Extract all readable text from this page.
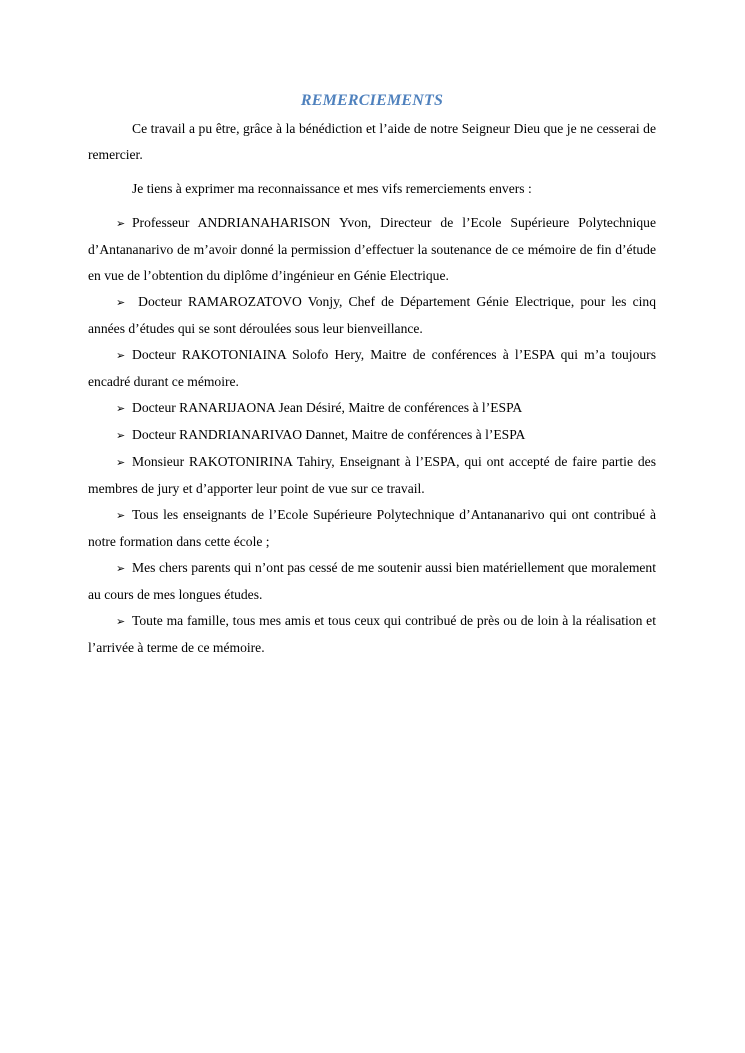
REMERCIEMENTS

Ce travail a pu être, grâce à la bénédiction et l’aide de notre Seigneur Dieu que je ne cesserai de remercier.

Je tiens à exprimer ma reconnaissance et mes vifs remerciements envers :

➢ Professeur ANDRIANAHARISON Yvon, Directeur de l’Ecole Supérieure Polytechnique d’Antananarivo de m’avoir donné la permission d’effectuer la soutenance de ce mémoire de fin d’étude en vue de l’obtention du diplôme d’ingénieur en Génie Electrique.
➢ Docteur RAMAROZATOVO Vonjy, Chef de Département Génie Electrique, pour les cinq années d’études qui se sont déroulées sous leur bienveillance.
➢ Docteur RAKOTONIAINA Solofo Hery, Maitre de conférences à l’ESPA qui m’a toujours encadré durant ce mémoire.
➢ Docteur RANARIJAONA Jean Désiré, Maitre de conférences à l’ESPA
➢ Docteur RANDRIANARIVAO Dannet, Maitre de conférences à l’ESPA
➢ Monsieur RAKOTONIRINA Tahiry, Enseignant à l’ESPA, qui ont accepté de faire partie des membres de jury et d’apporter leur point de vue sur ce travail.
➢ Tous les enseignants de l’Ecole Supérieure Polytechnique d’Antananarivo qui ont contribué à notre formation dans cette école ;
➢ Mes chers parents qui n’ont pas cessé de me soutenir aussi bien matériellement que moralement au cours de mes longues études.
➢ Toute ma famille, tous mes amis et tous ceux qui contribué de près ou de loin à la réalisation et l’arrivée à terme de ce mémoire.
